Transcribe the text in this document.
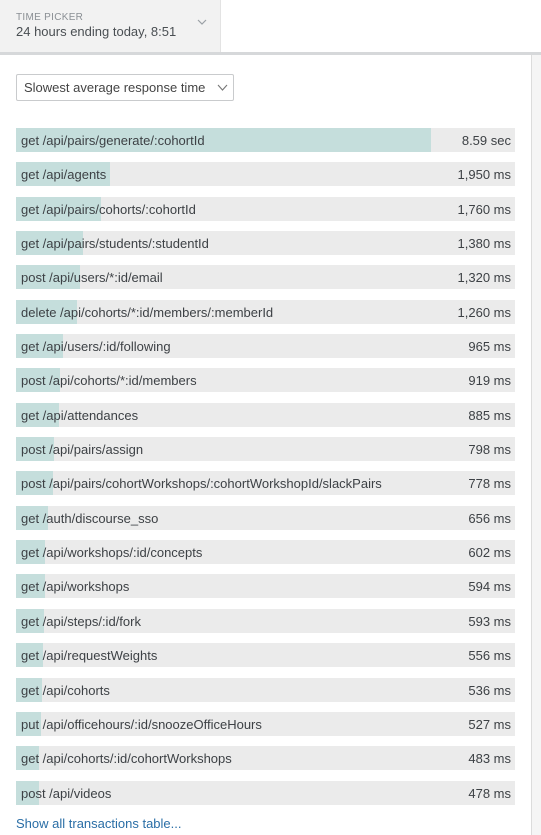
TIME PICKER
24 hours ending today, 8:51
Slowest average response time
get /api/pairs/generate/:cohortId	8.59 sec
get /api/agents	1,950 ms
get /api/pairs/cohorts/:cohortId	1,760 ms
get /api/pairs/students/:studentId	1,380 ms
post /api/users/*:id/email	1,320 ms
delete /api/cohorts/*:id/members/:memberId	1,260 ms
get /api/users/:id/following	965 ms
post /api/cohorts/*:id/members	919 ms
get /api/attendances	885 ms
post /api/pairs/assign	798 ms
post /api/pairs/cohortWorkshops/:cohortWorkshopId/slackPairs	778 ms
get /auth/discourse_sso	656 ms
get /api/workshops/:id/concepts	602 ms
get /api/workshops	594 ms
get /api/steps/:id/fork	593 ms
get /api/requestWeights	556 ms
get /api/cohorts	536 ms
put /api/officehours/:id/snoozeOfficeHours	527 ms
get /api/cohorts/:id/cohortWorkshops	483 ms
post /api/videos	478 ms
Show all transactions table...
